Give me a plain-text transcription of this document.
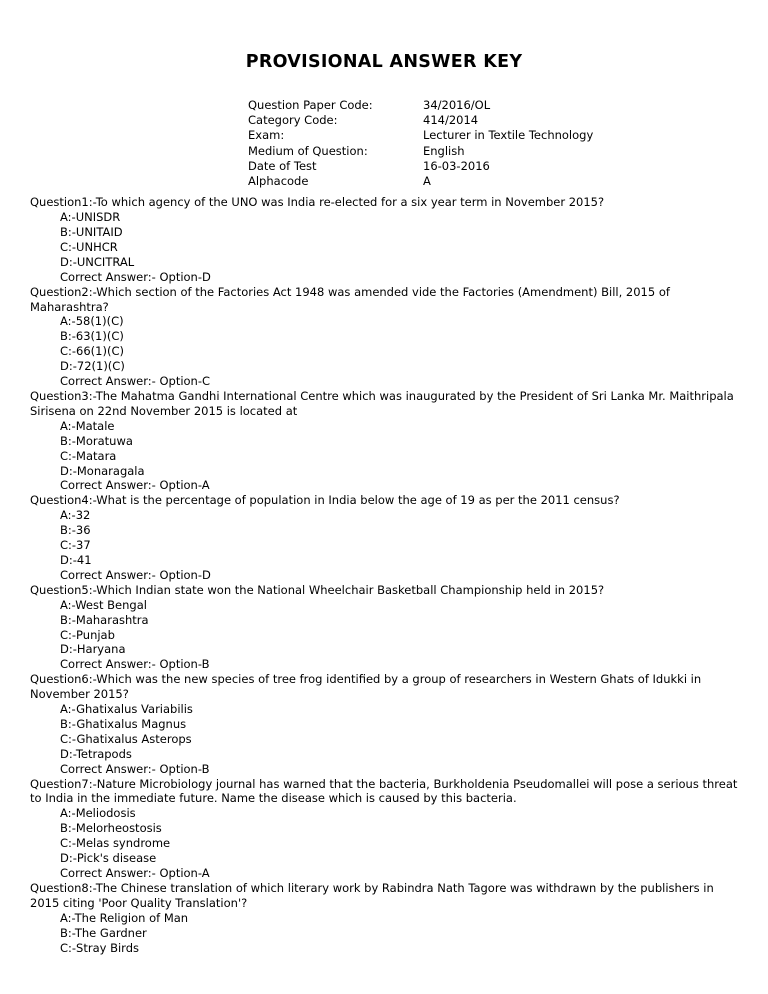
PROVISIONAL ANSWER KEY
Question Paper Code:	34/2016/OL
Category Code:	414/2014
Exam:	Lecturer in Textile Technology
Medium of Question:	English
Date of Test	16-03-2016
Alphacode	A

Question1:-To which agency of the UNO was India re-elected for a six year term in November 2015?

A:-UNISDR

B:-UNITAID

C:-UNHCR

D:-UNCITRAL

Correct Answer:- Option-D

Question2:-Which section of the Factories Act 1948 was amended vide the Factories (Amendment) Bill, 2015 of Maharashtra?

A:-58(1)(C)

B:-63(1)(C)

C:-66(1)(C)

D:-72(1)(C)

Correct Answer:- Option-C

Question3:-The Mahatma Gandhi International Centre which was inaugurated by the President of Sri Lanka Mr. Maithripala Sirisena on 22nd November 2015 is located at

A:-Matale

B:-Moratuwa

C:-Matara

D:-Monaragala

Correct Answer:- Option-A

Question4:-What is the percentage of population in India below the age of 19 as per the 2011 census?

A:-32

B:-36

C:-37

D:-41

Correct Answer:- Option-D

Question5:-Which Indian state won the National Wheelchair Basketball Championship held in 2015?

A:-West Bengal

B:-Maharashtra

C:-Punjab

D:-Haryana

Correct Answer:- Option-B

Question6:-Which was the new species of tree frog identified by a group of researchers in Western Ghats of Idukki in November 2015?

A:-Ghatixalus Variabilis

B:-Ghatixalus Magnus

C:-Ghatixalus Asterops

D:-Tetrapods

Correct Answer:- Option-B

Question7:-Nature Microbiology journal has warned that the bacteria, Burkholdenia Pseudomallei will pose a serious threat to India in the immediate future. Name the disease which is caused by this bacteria.

A:-Meliodosis

B:-Melorheostosis

C:-Melas syndrome

D:-Pick's disease

Correct Answer:- Option-A

Question8:-The Chinese translation of which literary work by Rabindra Nath Tagore was withdrawn by the publishers in 2015 citing 'Poor Quality Translation'?

A:-The Religion of Man

B:-The Gardner

C:-Stray Birds
